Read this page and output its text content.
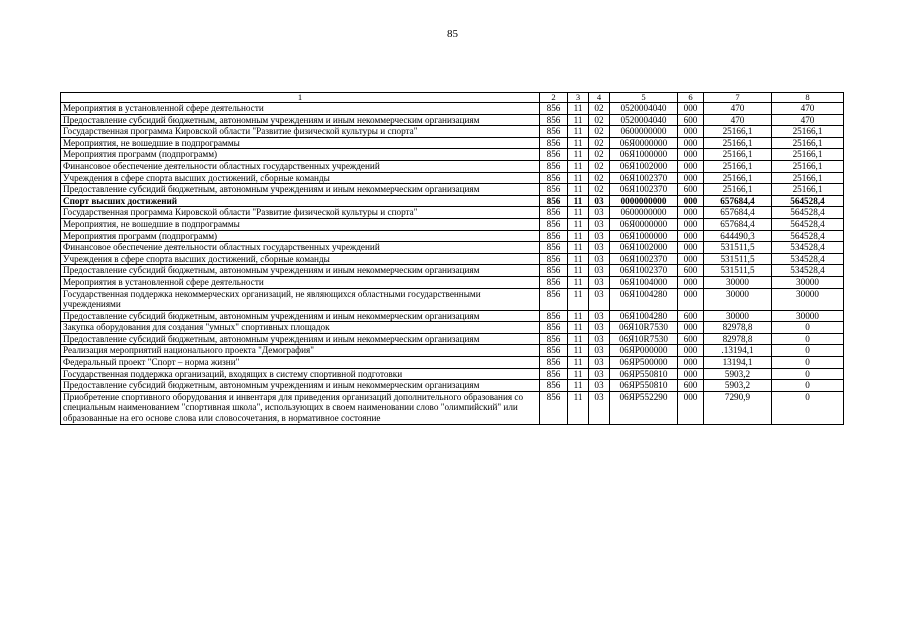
85
1	2	3	4	5	6	7	8
Мероприятия в установленной сфере деятельности	856	11	02	0520004040	000	470	470
Предоставление субсидий бюджетным, автономным учреждениям и иным некоммерческим организациям	856	11	02	0520004040	600	470	470
Государственная программа Кировской области "Развитие физической культуры и спорта"	856	11	02	0600000000	000	25166,1	25166,1
Мероприятия, не вошедшие в подпрограммы	856	11	02	06Я0000000	000	25166,1	25166,1
Мероприятия программ (подпрограмм)	856	11	02	06Я1000000	000	25166,1	25166,1
Финансовое обеспечение деятельности областных государственных учреждений	856	11	02	06Я1002000	000	25166,1	25166,1
Учреждения в сфере спорта высших достижений, сборные команды	856	11	02	06Я1002370	000	25166,1	25166,1
Предоставление субсидий бюджетным, автономным учреждениям и иным некоммерческим организациям	856	11	02	06Я1002370	600	25166,1	25166,1
Спорт высших достижений	856	11	03	0000000000	000	657684,4	564528,4
Государственная программа Кировской области "Развитие физической культуры и спорта"	856	11	03	0600000000	000	657684,4	564528,4
Мероприятия, не вошедшие в подпрограммы	856	11	03	06Я0000000	000	657684,4	564528,4
Мероприятия программ (подпрограмм)	856	11	03	06Я1000000	000	644490,3	564528,4
Финансовое обеспечение деятельности областных государственных учреждений	856	11	03	06Я1002000	000	531511,5	534528,4
Учреждения в сфере спорта высших достижений, сборные команды	856	11	03	06Я1002370	000	531511,5	534528,4
Предоставление субсидий бюджетным, автономным учреждениям и иным некоммерческим организациям	856	11	03	06Я1002370	600	531511,5	534528,4
Мероприятия в установленной сфере деятельности	856	11	03	06Я1004000	000	30000	30000
Государственная поддержка некоммерческих организаций, не являющихся областными государственными учреждениями	856	11	03	06Я1004280	000	30000	30000
Предоставление субсидий бюджетным, автономным учреждениям и иным некоммерческим организациям	856	11	03	06Я1004280	600	30000	30000
Закупка оборудования для создания "умных" спортивных площадок	856	11	03	06Я10R7530	000	82978,8	0
Предоставление субсидий бюджетным, автономным учреждениям и иным некоммерческим организациям	856	11	03	06Я10R7530	600	82978,8	0
Реализация мероприятий национального проекта "Демография"	856	11	03	06ЯР000000	000	.13194,1	0
Федеральный проект "Спорт – норма жизни"	856	11	03	06ЯР500000	000	13194,1	0
Государственная поддержка организаций, входящих в систему спортивной подготовки	856	11	03	06ЯР550810	000	5903,2	0
Предоставление субсидий бюджетным, автономным учреждениям и иным некоммерческим организациям	856	11	03	06ЯР550810	600	5903,2	0
Приобретение спортивного оборудования и инвентаря для приведения организаций дополнительного образования со специальным наименованием "спортивная школа", использующих в своем наименовании слово "олимпийский" или образованные на его основе слова или словосочетания, в нормативное состояние	856	11	03	06ЯР552290	000	7290,9	0
